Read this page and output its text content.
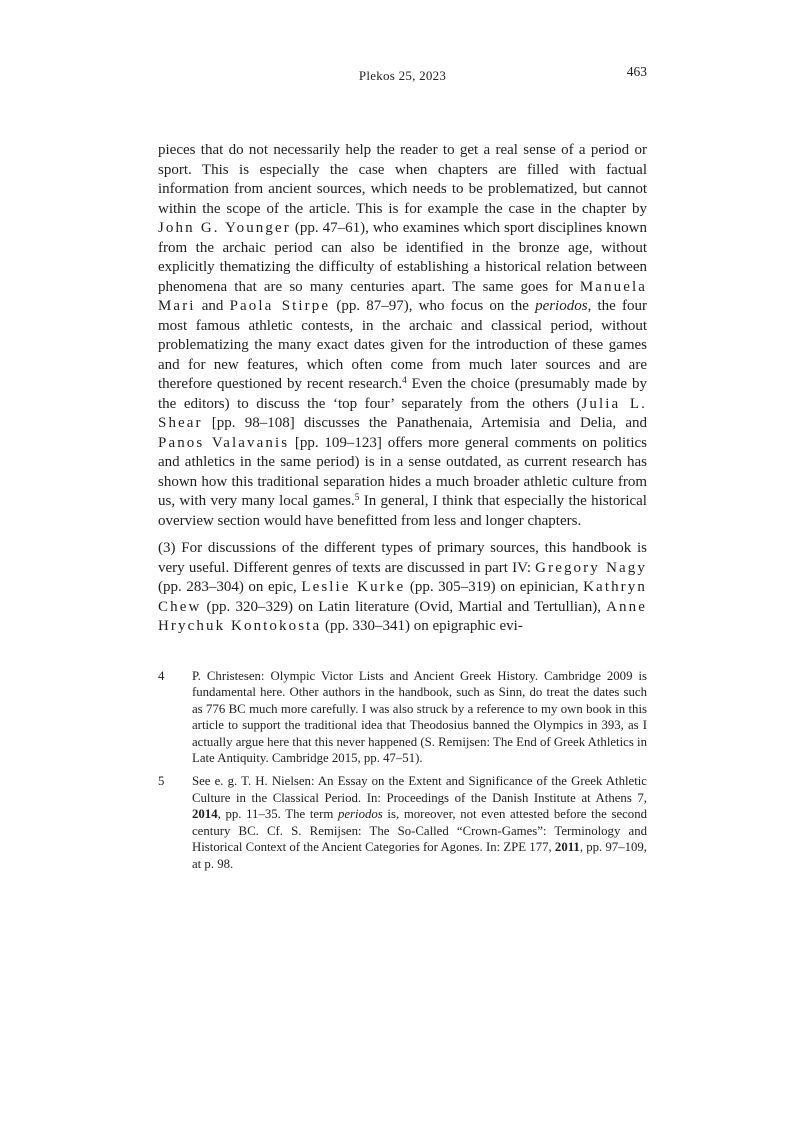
Plekos 25, 2023	463

pieces that do not necessarily help the reader to get a real sense of a period or sport. This is especially the case when chapters are filled with factual information from ancient sources, which needs to be problematized, but cannot within the scope of the article. This is for example the case in the chapter by John G. Younger (pp. 47–61), who examines which sport disciplines known from the archaic period can also be identified in the bronze age, without explicitly thematizing the difficulty of establishing a historical relation between phenomena that are so many centuries apart. The same goes for Manuela Mari and Paola Stirpe (pp. 87–97), who focus on the periodos, the four most famous athletic contests, in the archaic and classical period, without problematizing the many exact dates given for the introduction of these games and for new features, which often come from much later sources and are therefore questioned by recent research.$^4$ Even the choice (presumably made by the editors) to discuss the ‘top four’ separately from the others (Julia L. Shear [pp. 98–108] discusses the Panathenaia, Artemisia and Delia, and Panos Valavanis [pp. 109–123] offers more general comments on politics and athletics in the same period) is in a sense outdated, as current research has shown how this traditional separation hides a much broader athletic culture from us, with very many local games.$^5$ In general, I think that especially the historical overview section would have benefitted from less and longer chapters.

(3) For discussions of the different types of primary sources, this handbook is very useful. Different genres of texts are discussed in part IV: Gregory Nagy (pp. 283–304) on epic, Leslie Kurke (pp. 305–319) on epinician, Kathryn Chew (pp. 320–329) on Latin literature (Ovid, Martial and Tertullian), Anne Hrychuk Kontokosta (pp. 330–341) on epigraphic evi-

4	P. Christesen: Olympic Victor Lists and Ancient Greek History. Cambridge 2009 is fundamental here. Other authors in the handbook, such as Sinn, do treat the dates such as 776 BC much more carefully. I was also struck by a reference to my own book in this article to support the traditional idea that Theodosius banned the Olympics in 393, as I actually argue here that this never happened (S. Remijsen: The End of Greek Athletics in Late Antiquity. Cambridge 2015, pp. 47–51).
5	See e. g. T. H. Nielsen: An Essay on the Extent and Significance of the Greek Athletic Culture in the Classical Period. In: Proceedings of the Danish Institute at Athens 7, 2014, pp. 11–35. The term periodos is, moreover, not even attested before the second century BC. Cf. S. Remijsen: The So-Called “Crown-Games”: Terminology and Historical Context of the Ancient Categories for Agones. In: ZPE 177, 2011, pp. 97–109, at p. 98.
